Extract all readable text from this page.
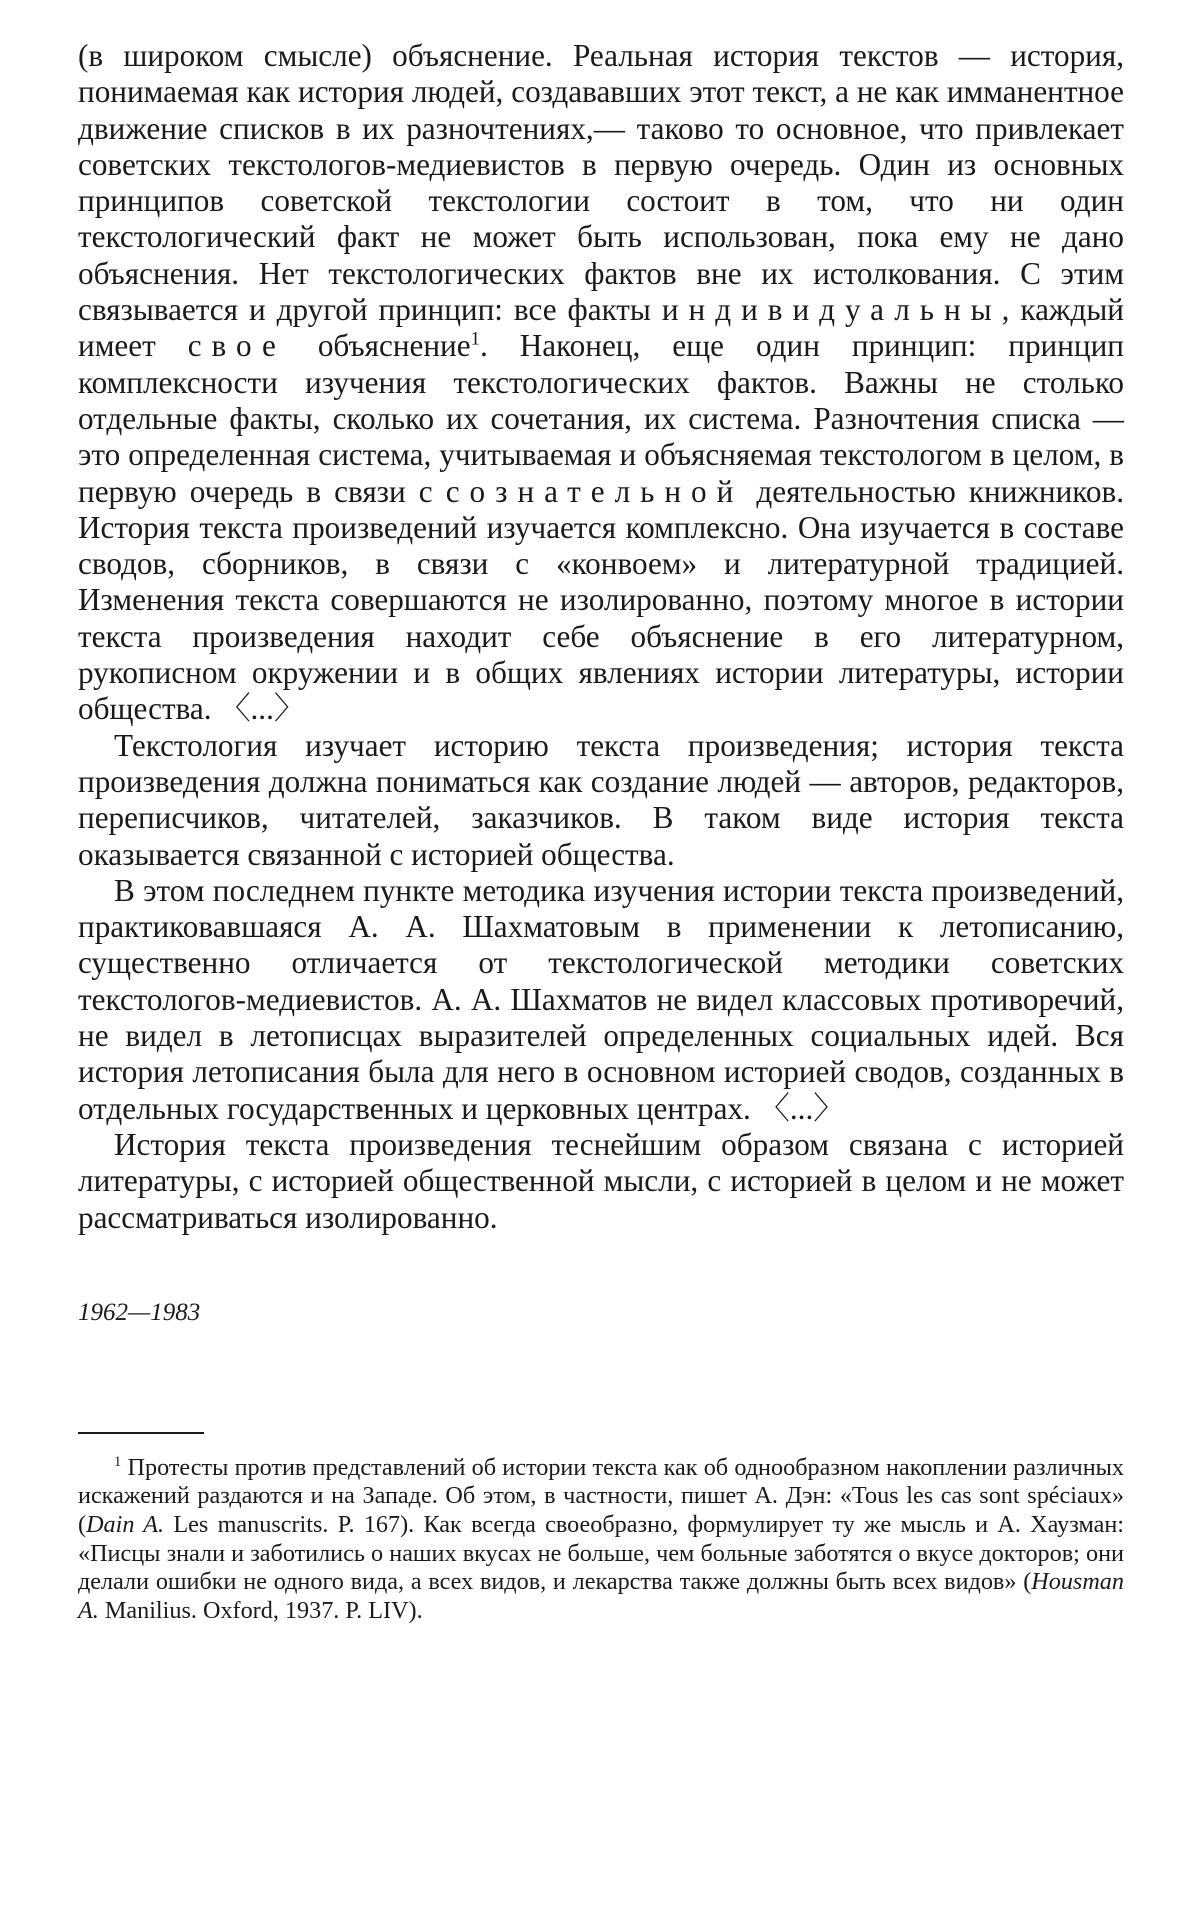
(в широком смысле) объяснение. Реальная история текстов — история, понимаемая как история людей, создававших этот текст, а не как имманентное движение списков в их разночтениях,— таково то основное, что привлекает советских текстологов-медиевистов в первую очередь. Один из основных принципов советской текстологии состоит в том, что ни один текстологический факт не может быть использован, пока ему не дано объяснения. Нет текстологических фактов вне их истолкования. С этим связывается и другой принцип: все факты индивидуальны, каждый имеет свое объяснение$^1$. Наконец, еще один принцип: принцип комплексности изучения текстологических фактов. Важны не столько отдельные факты, сколько их сочетания, их система. Разночтения списка — это определенная система, учитываемая и объясняемая текстологом в целом, в первую очередь в связи с сознательной деятельностью книжников. История текста произведений изучается комплексно. Она изучается в составе сводов, сборников, в связи с «конвоем» и литературной традицией. Изменения текста совершаются не изолированно, поэтому многое в истории текста произведения находит себе объяснение в его литературном, рукописном окружении и в общих явлениях истории литературы, истории общества. 〈...〉

Текстология изучает историю текста произведения; история текста произведения должна пониматься как создание людей — авторов, редакторов, переписчиков, читателей, заказчиков. В таком виде история текста оказывается связанной с историей общества.

В этом последнем пункте методика изучения истории текста произведений, практиковавшаяся А. А. Шахматовым в применении к летописанию, существенно отличается от текстологической методики советских текстологов-медиевистов. А. А. Шахматов не видел классовых противоречий, не видел в летописцах выразителей определенных социальных идей. Вся история летописания была для него в основном историей сводов, созданных в отдельных государственных и церковных центрах. 〈...〉

История текста произведения теснейшим образом связана с историей литературы, с историей общественной мысли, с историей в целом и не может рассматриваться изолированно.

1962—1983

$^1$ Протесты против представлений об истории текста как об однообразном накоплении различных искажений раздаются и на Западе. Об этом, в частности, пишет А. Дэн: «Tous les cas sont spéciaux» (Dain A. Les manuscrits. P. 167). Как всегда своеобразно, формулирует ту же мысль и А. Хаузман: «Писцы знали и заботились о наших вкусах не больше, чем больные заботятся о вкусе докторов; они делали ошибки не одного вида, а всех видов, и лекарства также должны быть всех видов» (Housman A. Manilius. Oxford, 1937. P. LIV).
